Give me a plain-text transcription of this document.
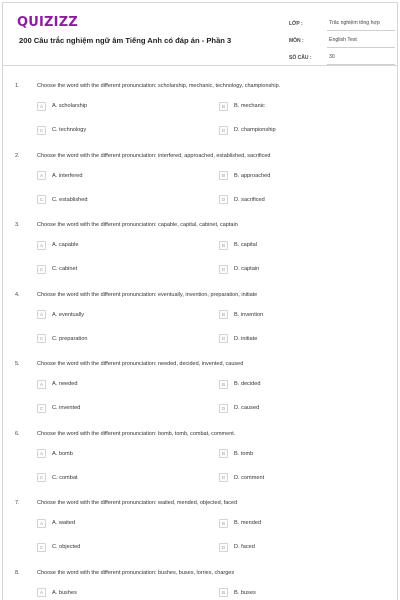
QUIZIZZ
200 Câu trắc nghiệm ngữ âm Tiếng Anh có đáp án - Phần 3
LỚP :	Trắc nghiệm tổng hợp
MÔN :	English Test
SỐ CÂU :	30
1.	Choose the word with the different pronunciation: scholarship, mechanic, technology, championship.
A	A. scholarship	B	B. mechanic
C	C. technology	D	D. championship
2.	Choose the word with the different pronunciation: interfered, approached, established, sacrificed
A	A. interfered	B	B. approached
C	C. established	D	D. sacrificed
3.	Choose the word with the different pronunciation: capable, capital, cabinet, captain
A	A. capable	B	B. capital
C	C. cabinet	D	D. captain
4.	Choose the word with the different pronunciation: eventually, invention, preparation, initiate
A	A. eventually	B	B. invention
C	C. preparation	D	D. initiate
5.	Choose the word with the different pronunciation: needed, decided, invented, caused
A	A. needed	B	B. decided
C	C. invented	D	D. caused
6.	Choose the word with the different pronunciation: bomb, tomb, combat, comment.
A	A. bomb	B	B. tomb
C	C. combat	D	D. comment
7.	Choose the word with the different pronunciation: waited, mended, objected, faced
A	A. waited	B	B. mended
C	C. objected	D	D. faced
8.	Choose the word with the different pronunciation: bushes, buses, lorries, charges
A	A. bushes	B	B. buses
